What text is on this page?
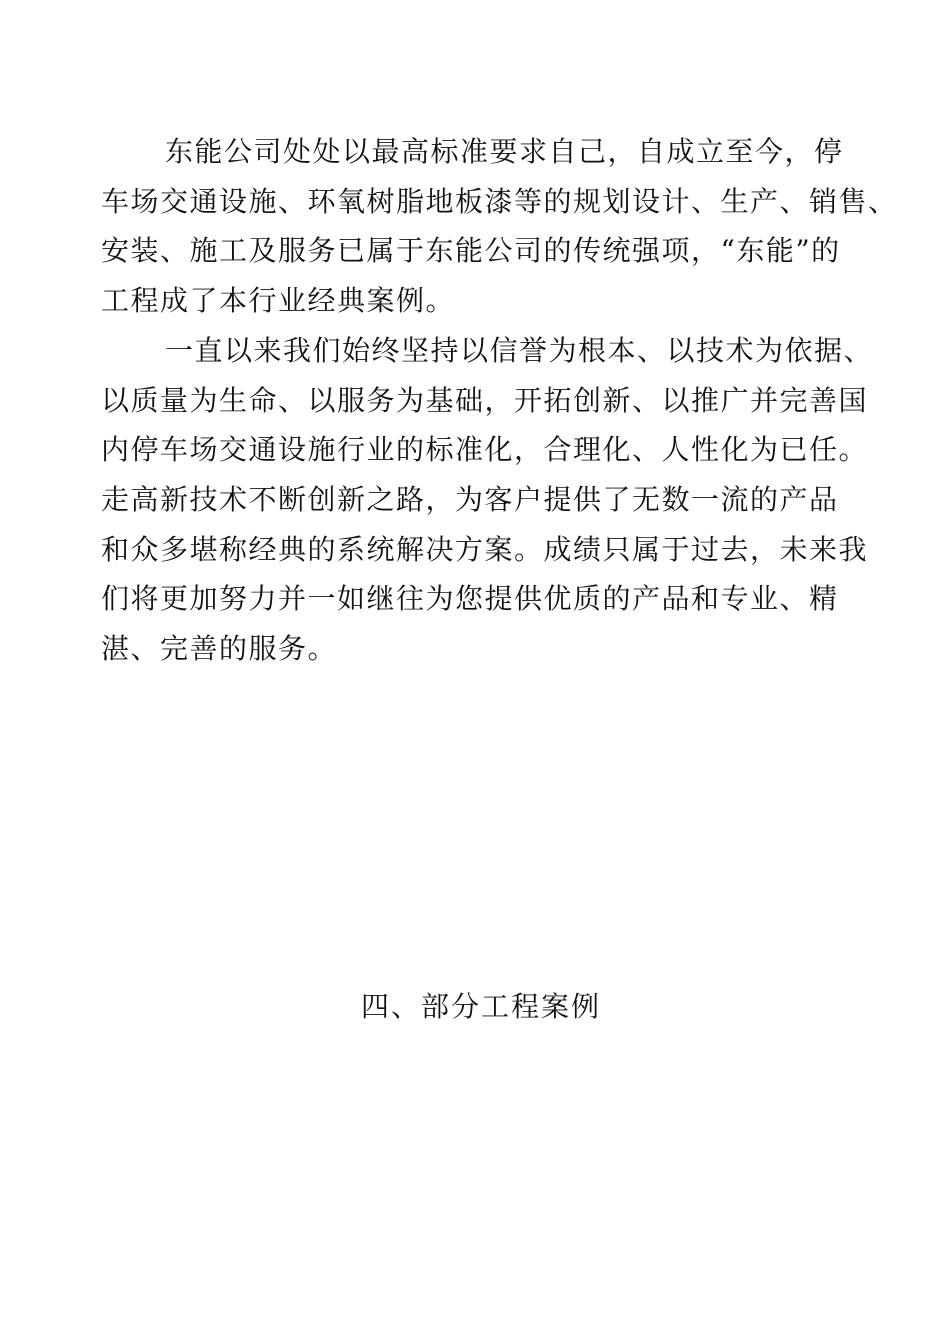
东能公司处处以最高标准要求自己，自成立至今，停
车场交通设施、环氧树脂地板漆等的规划设计、生产、销售、
安装、施工及服务已属于东能公司的传统强项，“东能”的
工程成了本行业经典案例。
一直以来我们始终坚持以信誉为根本、以技术为依据、
以质量为生命、以服务为基础，开拓创新、以推广并完善国
内停车场交通设施行业的标准化，合理化、人性化为已任。
走高新技术不断创新之路，为客户提供了无数一流的产品
和众多堪称经典的系统解决方案。成绩只属于过去，未来我
们将更加努力并一如继往为您提供优质的产品和专业、精
湛、完善的服务。
四、部分工程案例
